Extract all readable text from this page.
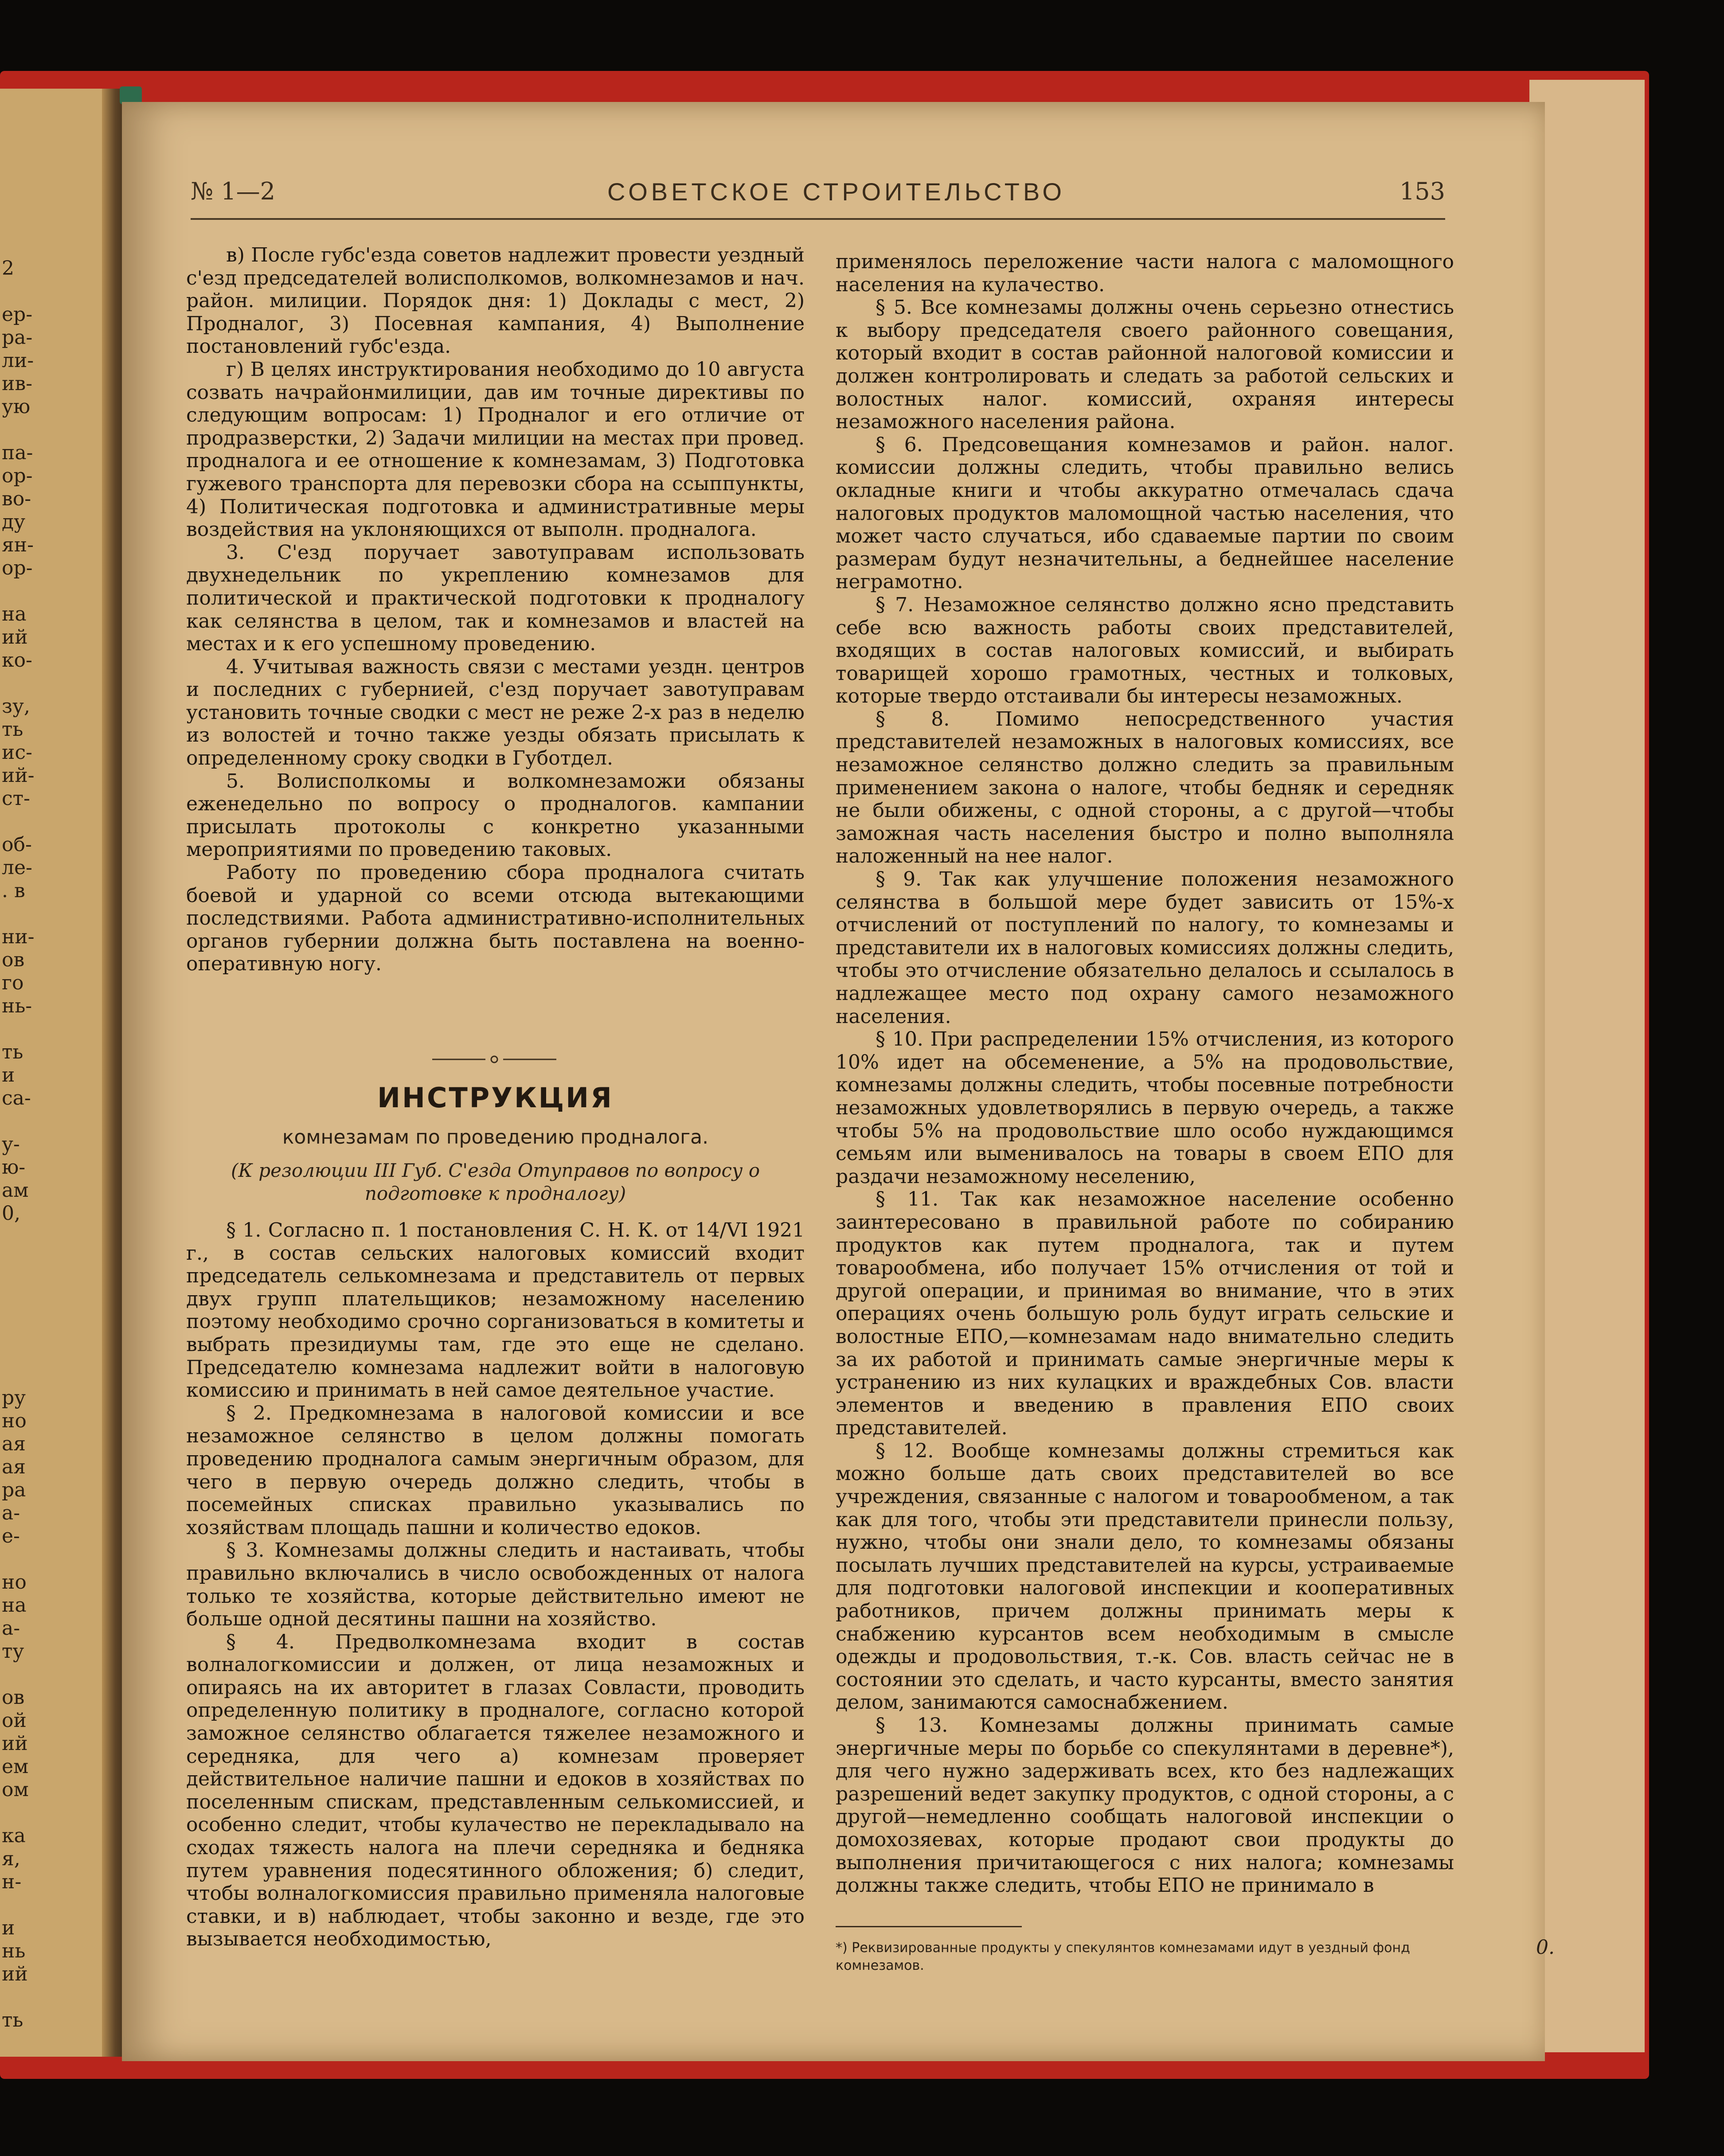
2
ер-
ра-
ли-
ив-
ую
па-
ор-
во-
ду
ян-
ор-
на
ий
ко-
зу,
ть
ис-
ий-
ст-
об-
ле-
. в
ни-
ов
го
нь-
ть
и
са-
у-
ю-
ам
0,
ру
но
ая
ая
ра
а-
е-
но
на
а-
ту
ов
ой
ий
ем
ом
ка
я,
н-
и
нь
ий
ть
№ 1—2	СОВЕТСКОЕ СТРОИТЕЛЬСТВО	153

в) После губс'езда советов надлежит провести уездный с'езд председателей волисполкомов, волкомнезамов и нач. район. милиции. Порядок дня: 1) Доклады с мест, 2) Продналог, 3) Посевная кампания, 4) Выполнение постановлений губс'езда.

г) В целях инструктирования необходимо до 10 августа созвать начрайонмилиции, дав им точные директивы по следующим вопросам: 1) Продналог и его отличие от продразверстки, 2) Задачи милиции на местах при провед. продналога и ее отношение к комнезамам, 3) Подготовка гужевого транспорта для перевозки сбора на ссыппункты, 4) Политическая подготовка и административные меры воздействия на уклоняющихся от выполн. продналога.

3. С'езд поручает завотуправам использовать двухнедельник по укреплению комнезамов для политической и практической подготовки к продналогу как селянства в целом, так и комнезамов и властей на местах и к его успешному проведению.

4. Учитывая важность связи с местами уездн. центров и последних с губернией, с'езд поручает завотуправам установить точные сводки с мест не реже 2-х раз в неделю из волостей и точно также уезды обязать присылать к определенному сроку сводки в Губотдел.

5. Волисполкомы и волкомнезаможи обязаны еженедельно по вопросу о продналогов. кампании присылать протоколы с конкретно указанными мероприятиями по проведению таковых.

Работу по проведению сбора продналога считать боевой и ударной со всеми отсюда вытекающими последствиями. Работа административно-исполнительных органов губернии должна быть поставлена на военно-оперативную ногу.

ИНСТРУКЦИЯ
комнезамам по проведению продналога.
(К резолюции III Губ. С'езда Отуправов по вопросу о подготовке к продналогу)

§ 1. Согласно п. 1 постановления С. Н. К. от 14/VI 1921 г., в состав сельских налоговых комиссий входит председатель селькомнезама и представитель от первых двух групп плательщиков; незаможному населению поэтому необходимо срочно сорганизоваться в комитеты и выбрать президиумы там, где это еще не сделано. Председателю комнезама надлежит войти в налоговую комиссию и принимать в ней самое деятельное участие.

§ 2. Предкомнезама в налоговой комиссии и все незаможное селянство в целом должны помогать проведению продналога самым энергичным образом, для чего в первую очередь должно следить, чтобы в посемейных списках правильно указывались по хозяйствам площадь пашни и количество едоков.

§ 3. Комнезамы должны следить и настаивать, чтобы правильно включались в число освобожденных от налога только те хозяйства, которые действительно имеют не больше одной десятины пашни на хозяйство.

§ 4. Предволкомнезама входит в состав волналогкомиссии и должен, от лица незаможных и опираясь на их авторитет в глазах Совласти, проводить определенную политику в продналоге, согласно которой заможное селянство облагается тяжелее незаможного и середняка, для чего а) комнезам проверяет действительное наличие пашни и едоков в хозяйствах по поселенным спискам, представленным селькомиссией, и особенно следит, чтобы кулачество не перекладывало на сходах тяжесть налога на плечи середняка и бедняка путем уравнения подесятинного обложения; б) следит, чтобы волналогкомиссия правильно применяла налоговые ставки, и в) наблюдает, чтобы законно и везде, где это вызывается необходимостью,

применялось переложение части налога с маломощного населения на кулачество.

§ 5. Все комнезамы должны очень серьезно отнестись к выбору председателя своего районного совещания, который входит в состав районной налоговой комиссии и должен контролировать и следать за работой сельских и волостных налог. комиссий, охраняя интересы незаможного населения района.

§ 6. Предсовещания комнезамов и район. налог. комиссии должны следить, чтобы правильно велись окладные книги и чтобы аккуратно отмечалась сдача налоговых продуктов маломощной частью населения, что может часто случаться, ибо сдаваемые партии по своим размерам будут незначительны, а беднейшее население неграмотно.

§ 7. Незаможное селянство должно ясно представить себе всю важность работы своих представителей, входящих в состав налоговых комиссий, и выбирать товарищей хорошо грамотных, честных и толковых, которые твердо отстаивали бы интересы незаможных.

§ 8. Помимо непосредственного участия представителей незаможных в налоговых комиссиях, все незаможное селянство должно следить за правильным применением закона о налоге, чтобы бедняк и середняк не были обижены, с одной стороны, а с другой—чтобы заможная часть населения быстро и полно выполняла наложенный на нее налог.

§ 9. Так как улучшение положения незаможного селянства в большой мере будет зависить от 15%-х отчислений от поступлений по налогу, то комнезамы и представители их в налоговых комиссиях должны следить, чтобы это отчисление обязательно делалось и ссылалось в надлежащее место под охрану самого незаможного населения.

§ 10. При распределении 15% отчисления, из которого 10% идет на обсеменение, а 5% на продовольствие, комнезамы должны следить, чтобы посевные потребности незаможных удовлетворялись в первую очередь, а также чтобы 5% на продовольствие шло особо нуждающимся семьям или выменивалось на товары в своем ЕПО для раздачи незаможному неселению,

§ 11. Так как незаможное население особенно заинтересовано в правильной работе по собиранию продуктов как путем продналога, так и путем товарообмена, ибо получает 15% отчисления от той и другой операции, и принимая во внимание, что в этих операциях очень большую роль будут играть сельские и волостные ЕПО,—комнезамам надо внимательно следить за их работой и принимать самые энергичные меры к устранению из них кулацких и враждебных Сов. власти элементов и введению в правления ЕПО своих представителей.

§ 12. Вообще комнезамы должны стремиться как можно больше дать своих представителей во все учреждения, связанные с налогом и товарообменом, а так как для того, чтобы эти представители принесли пользу, нужно, чтобы они знали дело, то комнезамы обязаны посылать лучших представителей на курсы, устраиваемые для подготовки налоговой инспекции и кооперативных работников, причем должны принимать меры к снабжению курсантов всем необходимым в смысле одежды и продовольствия, т.-к. Сов. власть сейчас не в состоянии это сделать, и часто курсанты, вместо занятия делом, занимаются самоснабжением.

§ 13. Комнезамы должны принимать самые энергичные меры по борьбе со спекулянтами в деревне*), для чего нужно задерживать всех, кто без надлежащих разрешений ведет закупку продуктов, с одной стороны, а с другой—немедленно сообщать налоговой инспекции о домохозяевах, которые продают свои продукты до выполнения причитающегося с них налога; комнезамы должны также следить, чтобы ЕПО не принимало в

*) Реквизированные продукты у спекулянтов комнезамами идут в уездный фонд комнезамов.
0.
